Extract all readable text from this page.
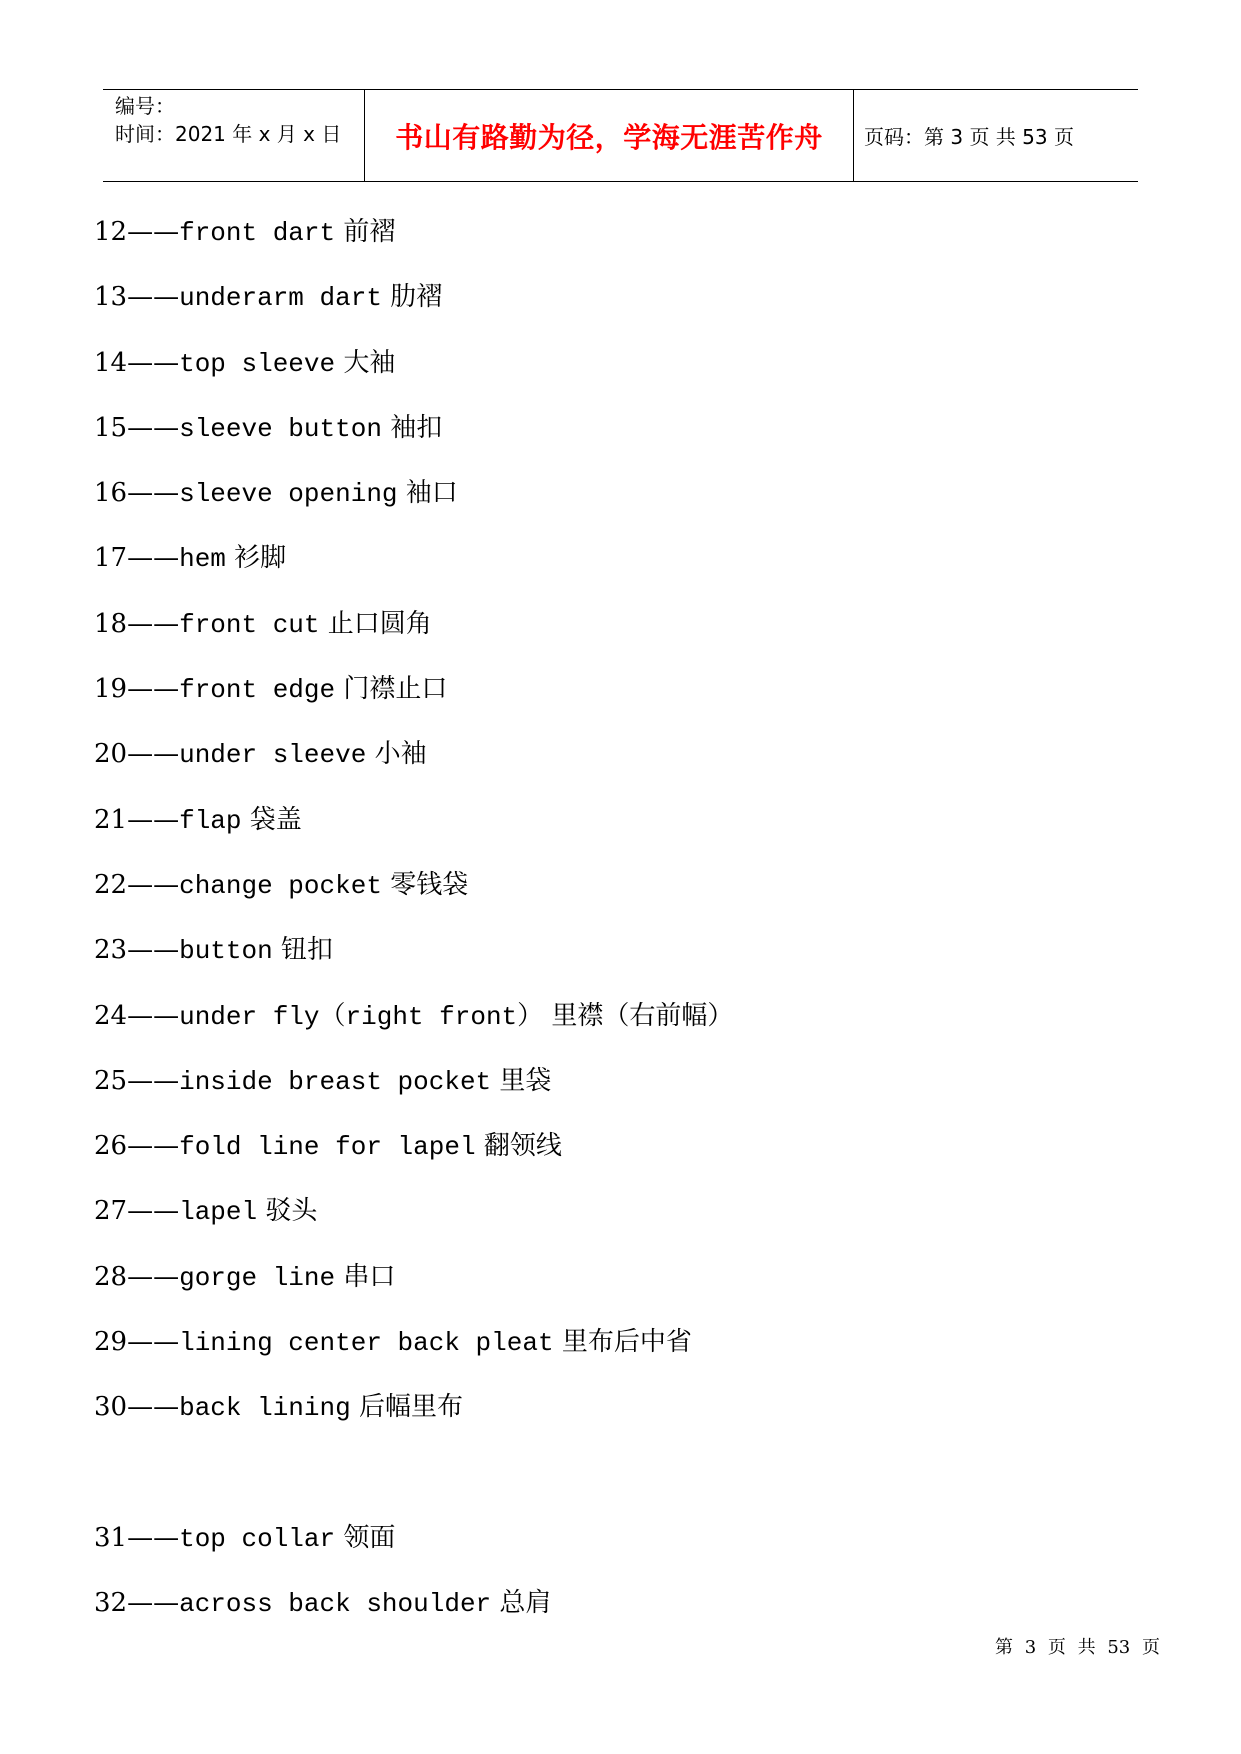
编号：
时间：2021 年 x 月 x 日	书山有路勤为径，学海无涯苦作舟 页码：第 3 页 共 53 页
12——front dart 前褶
13——underarm dart 肋褶
14——top sleeve 大袖
15——sleeve button 袖扣
16——sleeve opening 袖口
17——hem 衫脚
18——front cut 止口圆角
19——front edge 门襟止口
20——under sleeve 小袖
21——flap 袋盖
22——change pocket 零钱袋
23——button 钮扣
24——under fly（right front） 里襟（右前幅）
25——inside breast pocket 里袋
26——fold line for lapel 翻领线
27——lapel 驳头
28——gorge line 串口
29——lining center back pleat 里布后中省
30——back lining 后幅里布
31——top collar 领面
32——across back shoulder 总肩
第 3 页 共 53 页
